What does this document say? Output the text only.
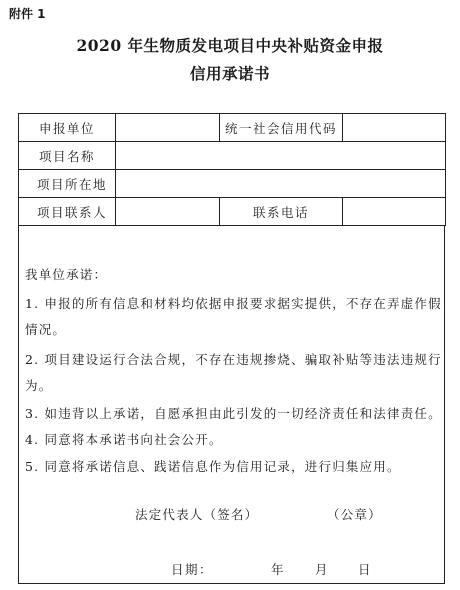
附件 1
2020 年生物质发电项目中央补贴资金申报
信用承诺书
申报单位		统一社会信用代码	
项目名称			
项目所在地			
项目联系人		联系电话	
我单位承诺：
1. 申报的所有信息和材料均依据申报要求据实提供，不存在弄虚作假
情况。
2. 项目建设运行合法合规，不存在违规掺烧、骗取补贴等违法违规行
为。
3. 如违背以上承诺，自愿承担由此引发的一切经济责任和法律责任。
4. 同意将本承诺书向社会公开。
5. 同意将承诺信息、践诺信息作为信用记录，进行归集应用。
法定代表人（签名）	（公章）
日期：	年	月 日
